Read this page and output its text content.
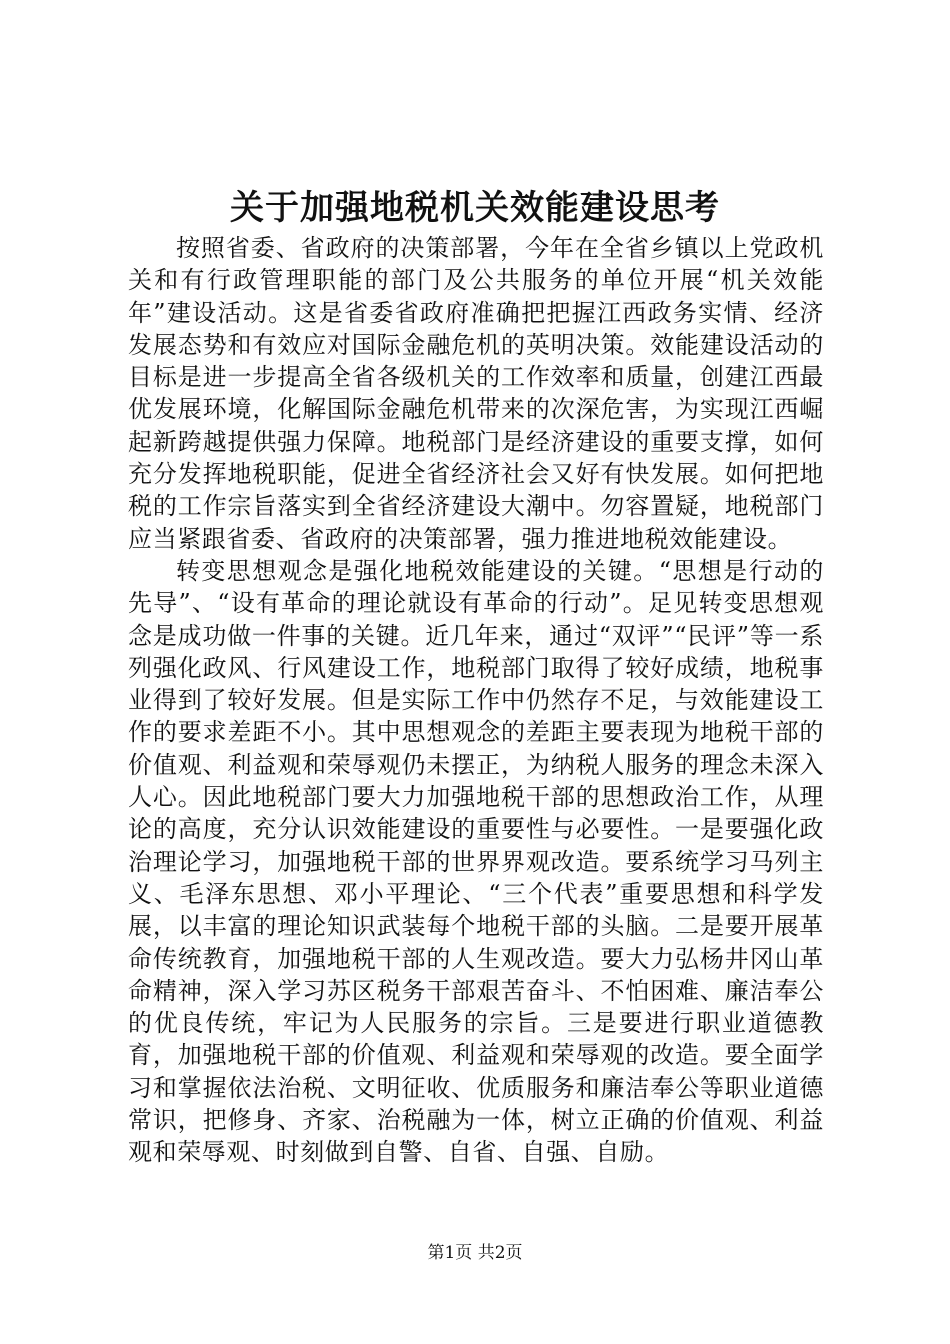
关于加强地税机关效能建设思考

按照省委、省政府的决策部署，今年在全省乡镇以上党政机关和有行政管理职能的部门及公共服务的单位开展“机关效能年”建设活动。这是省委省政府准确把把握江西政务实情、经济发展态势和有效应对国际金融危机的英明决策。效能建设活动的目标是进一步提高全省各级机关的工作效率和质量，创建江西最优发展环境，化解国际金融危机带来的次深危害，为实现江西崛起新跨越提供强力保障。地税部门是经济建设的重要支撑，如何充分发挥地税职能，促进全省经济社会又好有快发展。如何把地税的工作宗旨落实到全省经济建设大潮中。勿容置疑，地税部门应当紧跟省委、省政府的决策部署，强力推进地税效能建设。

转变思想观念是强化地税效能建设的关键。“思想是行动的先导”、“设有革命的理论就设有革命的行动”。足见转变思想观念是成功做一件事的关键。近几年来，通过“双评”“民评”等一系列强化政风、行风建设工作，地税部门取得了较好成绩，地税事业得到了较好发展。但是实际工作中仍然存不足，与效能建设工作的要求差距不小。其中思想观念的差距主要表现为地税干部的价值观、利益观和荣辱观仍未摆正，为纳税人服务的理念未深入人心。因此地税部门要大力加强地税干部的思想政治工作，从理论的高度，充分认识效能建设的重要性与必要性。一是要强化政治理论学习，加强地税干部的世界界观改造。要系统学习马列主义、毛泽东思想、邓小平理论、“三个代表”重要思想和科学发展，以丰富的理论知识武装每个地税干部的头脑。二是要开展革命传统教育，加强地税干部的人生观改造。要大力弘杨井冈山革命精神，深入学习苏区税务干部艰苦奋斗、不怕困难、廉洁奉公的优良传统，牢记为人民服务的宗旨。三是要进行职业道德教育，加强地税干部的价值观、利益观和荣辱观的改造。要全面学习和掌握依法治税、文明征收、优质服务和廉洁奉公等职业道德常识，把修身、齐家、治税融为一体，树立正确的价值观、利益观和荣辱观、时刻做到自警、自省、自强、自励。

第1页 共2页
